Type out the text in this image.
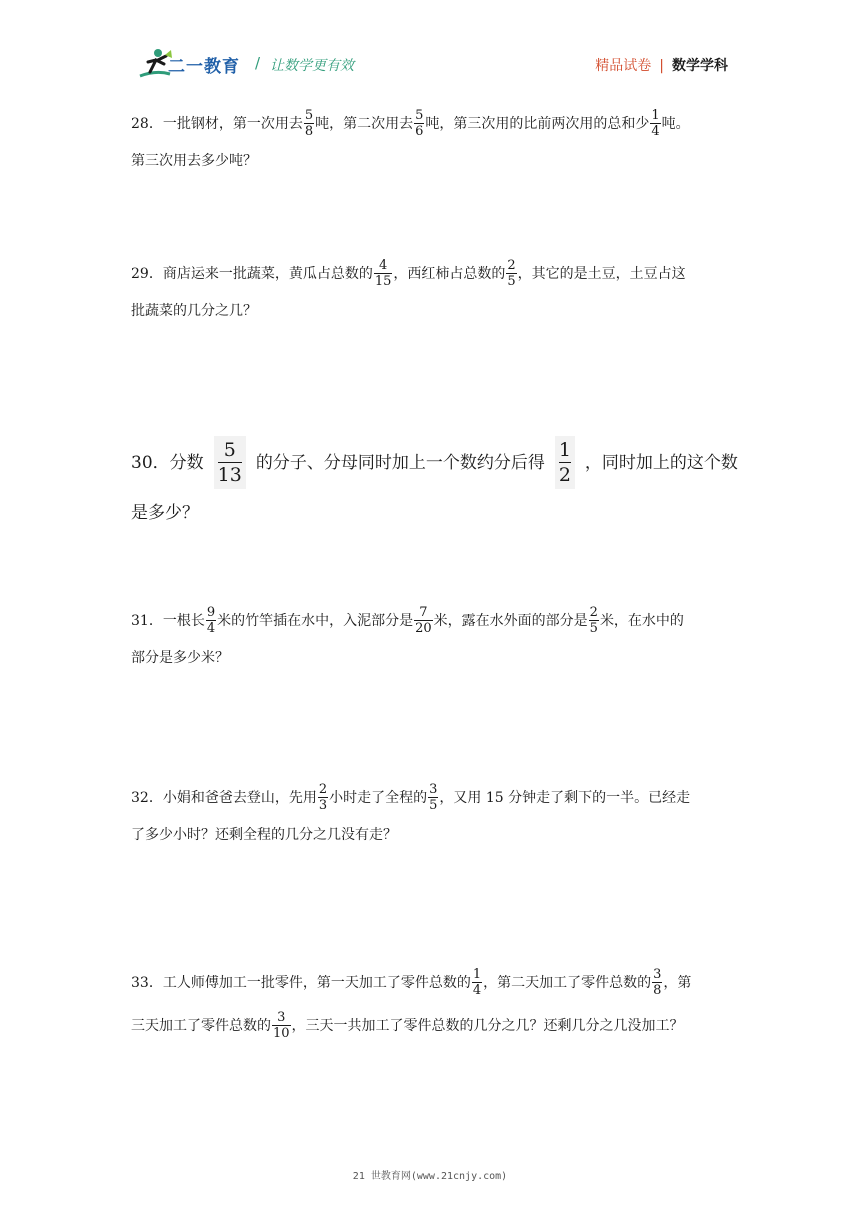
二一教育 / 让数学更有效	精品试卷 | 数学学科
28． 一批钢材，第一次用去 $\frac{5}{8}$ 吨，第二次用去 $\frac{5}{6}$ 吨，第三次用的比前两次用的总和少 $\frac{1}{4}$ 吨。
第三次用去多少吨？
29． 商店运来一批蔬菜，黄瓜占总数的 $\frac{4}{15}$ ，西红柿占总数的 $\frac{2}{5}$ ，其它的是土豆，土豆占这
批蔬菜的几分之几？
30． 分数 $\frac{5}{13}$ 的分子、分母同时加上一个数约分后得 $\frac{1}{2}$ ，同时加上的这个数
是多少？
31． 一根长 $\frac{9}{4}$ 米的竹竿插在水中，入泥部分是 $\frac{7}{20}$ 米，露在水外面的部分是 $\frac{2}{5}$ 米，在水中的
部分是多少米？
32． 小娟和爸爸去登山，先用 $\frac{2}{3}$ 小时走了全程的 $\frac{3}{5}$ ，又用 15 分钟走了剩下的一半。已经走
了多少小时？还剩全程的几分之几没有走？
33． 工人师傅加工一批零件，第一天加工了零件总数的 $\frac{1}{4}$ ，第二天加工了零件总数的 $\frac{3}{8}$ ，第
三天加工了零件总数的 $\frac{3}{10}$ ，三天一共加工了零件总数的几分之几？还剩几分之几没加工？
21 世教育网(www.21cnjy.com)
